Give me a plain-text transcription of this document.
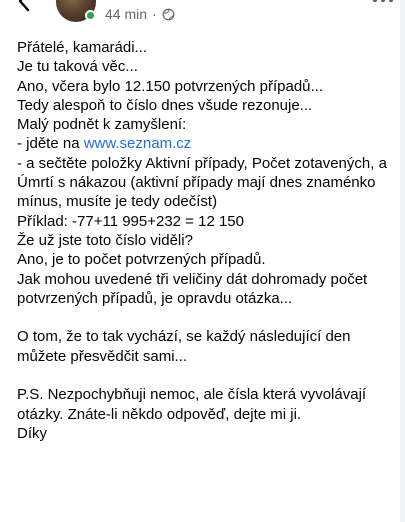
44 min ·
Přátelé, kamarádi...
Je tu taková věc...
Ano, včera bylo 12.150 potvrzených případů...
Tedy alespoň to číslo dnes všude rezonuje...
Malý podnět k zamyšlení:
- jděte na www.seznam.cz
- a sečtěte položky Aktivní případy, Počet zotavených, a Úmrtí s nákazou (aktivní případy mají dnes znaménko mínus, musíte je tedy odečíst)
Příklad: -77+11 995+232 = 12 150
Že už jste toto číslo viděli?
Ano, je to počet potvrzených případů.
Jak mohou uvedené tři veličiny dát dohromady počet potvrzených případů, je opravdu otázka...
O tom, že to tak vychází, se každý následující den můžete přesvědčit sami...
P.S. Nezpochybňuji nemoc, ale čísla která vyvolávají otázky. Znáte-li někdo odpověď, dejte mi ji.
Díky
